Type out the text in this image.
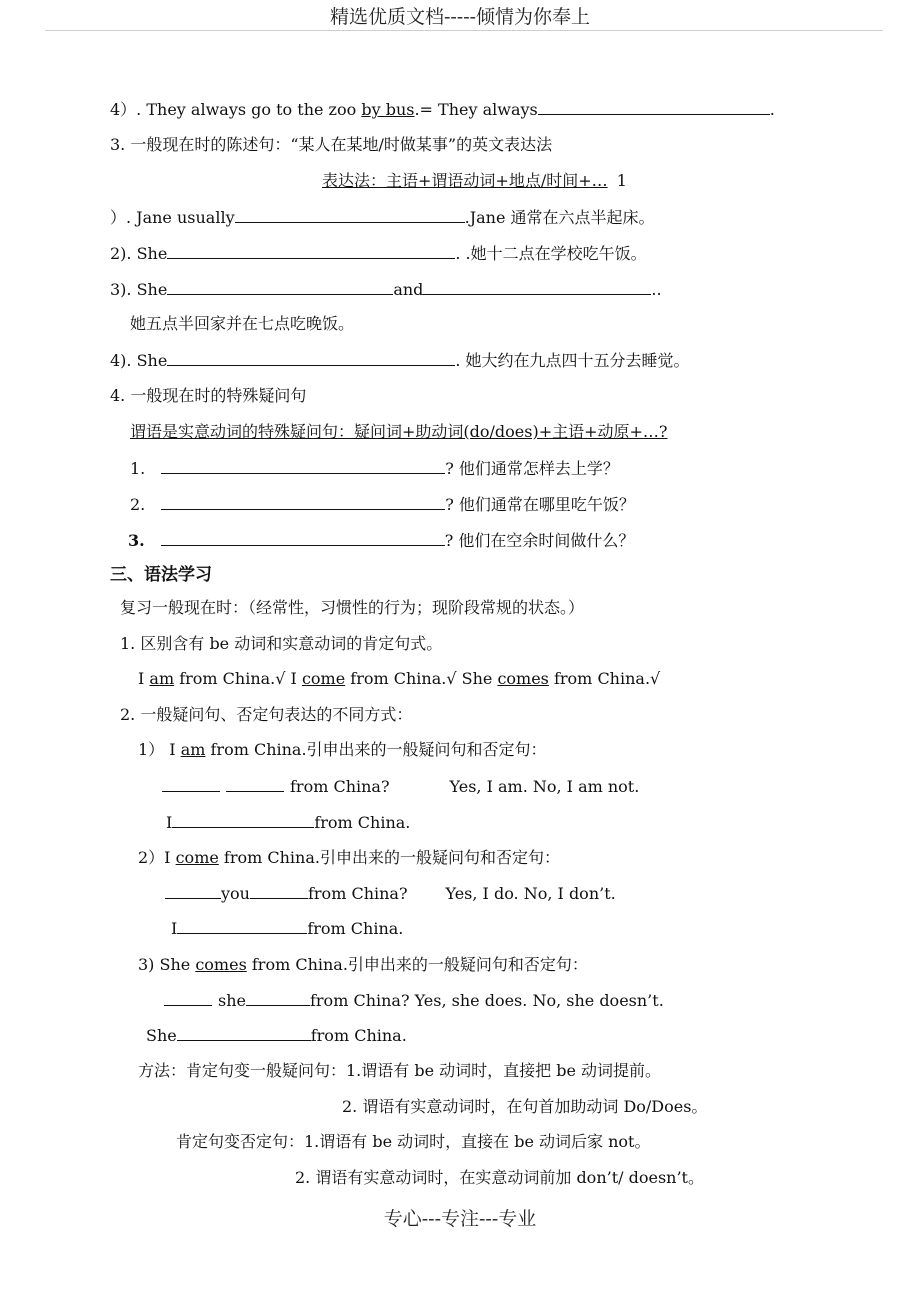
精选优质文档-----倾情为你奉上
4）. They always go to the zoo by bus.= They always	.
3. 一般现在时的陈述句：“某人在某地/时做某事”的英文表达法
表达法：主语+谓语动词+地点/时间+… 1
）. Jane usually	.Jane 通常在六点半起床。
2). She	. .她十二点在学校吃午饭。
3). She	and	..
她五点半回家并在七点吃晚饭。
4). She	. 她大约在九点四十五分去睡觉。
4. 一般现在时的特殊疑问句
谓语是实意动词的特殊疑问句：疑问词+助动词(do/does)+主语+动原+…?
1.	? 他们通常怎样去上学？
2.	? 他们通常在哪里吃午饭？
3.	? 他们在空余时间做什么？
三、语法学习
复习一般现在时：（经常性，习惯性的行为；现阶段常规的状态。）
1. 区别含有 be 动词和实意动词的肯定句式。
I am from China.√ I come from China.√ She comes from China.√
2. 一般疑问句、否定句表达的不同方式：
1） I am from China.引申出来的一般疑问句和否定句：
from China?	Yes, I am. No, I am not.
I	from China.
2）I come from China.引申出来的一般疑问句和否定句：
you	from China? Yes, I do. No, I don’t.
I	from China.
3) She comes from China.引申出来的一般疑问句和否定句：
she	from China? Yes, she does. No, she doesn’t.
She	from China.
方法：肯定句变一般疑问句：1.谓语有 be 动词时，直接把 be 动词提前。
2. 谓语有实意动词时，在句首加助动词 Do/Does。
肯定句变否定句：1.谓语有 be 动词时，直接在 be 动词后家 not。
2. 谓语有实意动词时，在实意动词前加 don’t/ doesn’t。
专心---专注---专业
